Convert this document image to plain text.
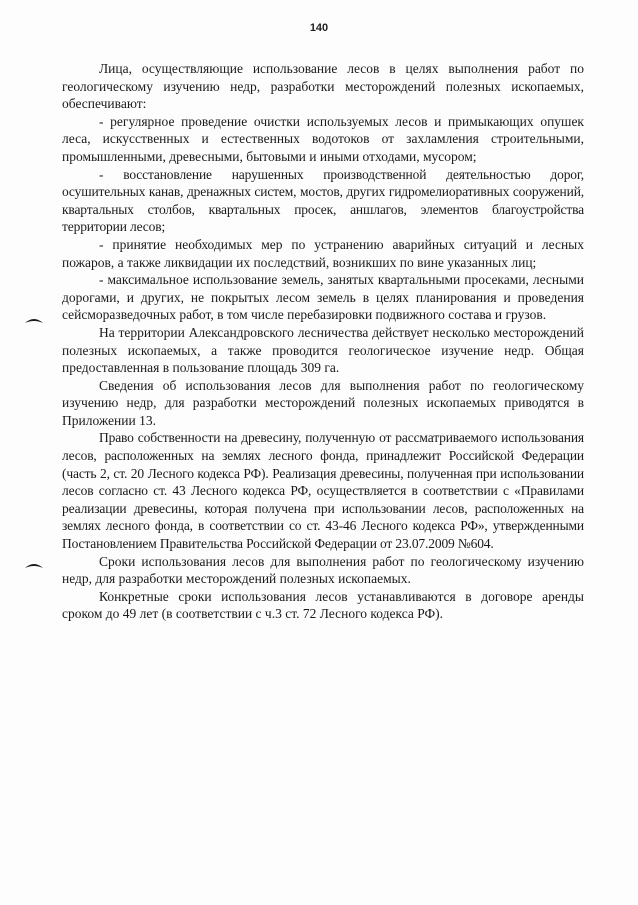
140

Лица, осуществляющие использование лесов в целях выполнения работ по геологическому изучению недр, разработки месторождений полезных ископаемых, обеспечивают:

- регулярное проведение очистки используемых лесов и примыкающих опушек леса, искусственных и естественных водотоков от захламления строительными, промышленными, древесными, бытовыми и иными отходами, мусором;

- восстановление нарушенных производственной деятельностью дорог, осушительных канав, дренажных систем, мостов, других гидромелиоративных сооружений, квартальных столбов, квартальных просек, аншлагов, элементов благоустройства территории лесов;

- принятие необходимых мер по устранению аварийных ситуаций и лесных пожаров, а также ликвидации их последствий, возникших по вине указанных лиц;

- максимальное использование земель, занятых квартальными просеками, лесными дорогами, и других, не покрытых лесом земель в целях планирования и проведения сейсморазведочных работ, в том числе перебазировки подвижного состава и грузов.

На территории Александровского лесничества действует несколько месторождений полезных ископаемых, а также проводится геологическое изучение недр. Общая предоставленная в пользование площадь 309 га.

Сведения об использования лесов для выполнения работ по геологическому изучению недр, для разработки месторождений полезных ископаемых приводятся в Приложении 13.

Право собственности на древесину, полученную от рассматриваемого использования лесов, расположенных на землях лесного фонда, принадлежит Российской Федерации (часть 2, ст. 20 Лесного кодекса РФ). Реализация древесины, полученная при использовании лесов согласно ст. 43 Лесного кодекса РФ, осуществляется в соответствии с «Правилами реализации древесины, которая получена при использовании лесов, расположенных на землях лесного фонда, в соответствии со ст. 43-46 Лесного кодекса РФ», утвержденными Постановлением Правительства Российской Федерации от 23.07.2009 №604.

Сроки использования лесов для выполнения работ по геологическому изучению недр, для разработки месторождений полезных ископаемых.

Конкретные сроки использования лесов устанавливаются в договоре аренды сроком до 49 лет (в соответствии с ч.3 ст. 72 Лесного кодекса РФ).
